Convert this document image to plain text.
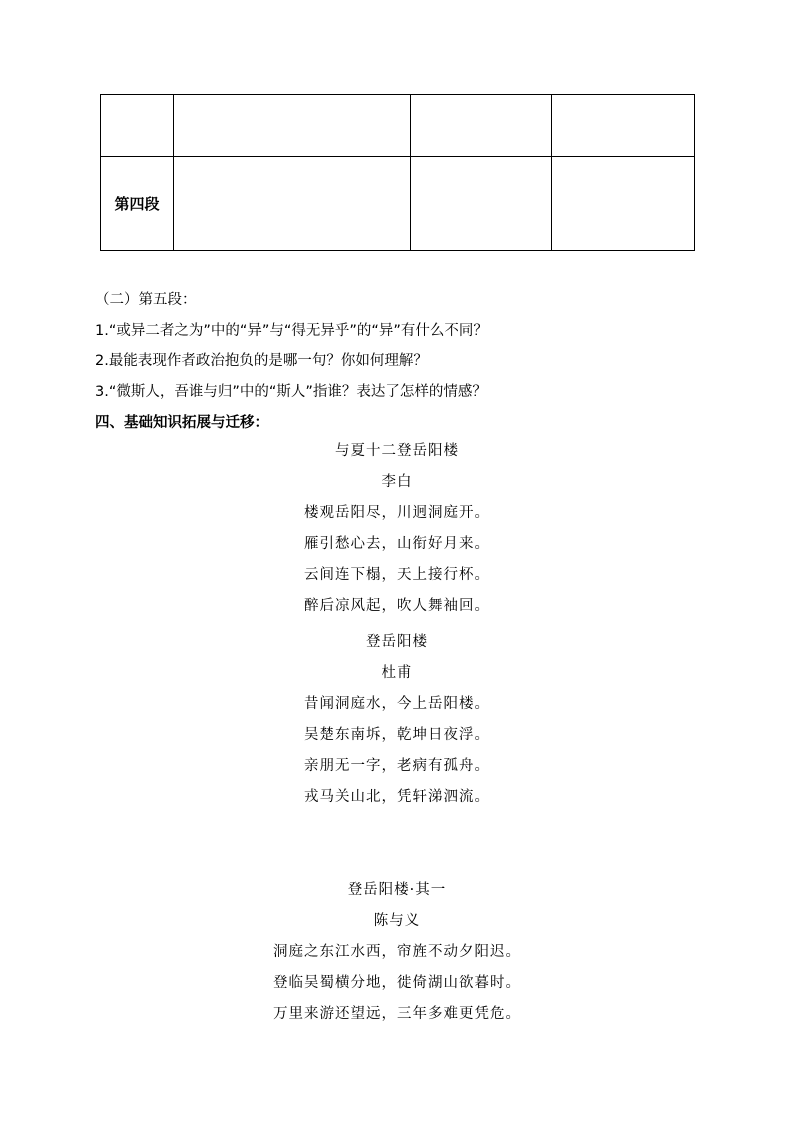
第四段			
（二）第五段：
1.“或异二者之为”中的“异”与“得无异乎”的“异”有什么不同？
2.最能表现作者政治抱负的是哪一句？你如何理解？
3.“微斯人，吾谁与归”中的“斯人”指谁？表达了怎样的情感？
四、基础知识拓展与迁移：
与夏十二登岳阳楼
李白
楼观岳阳尽，川迥洞庭开。
雁引愁心去，山衔好月来。
云间连下榻，天上接行杯。
醉后凉风起，吹人舞袖回。
登岳阳楼
杜甫
昔闻洞庭水，今上岳阳楼。
吴楚东南坼，乾坤日夜浮。
亲朋无一字，老病有孤舟。
戎马关山北，凭轩涕泗流。
登岳阳楼·其一
陈与义
洞庭之东江水西，帘旌不动夕阳迟。
登临吴蜀横分地，徙倚湖山欲暮时。
万里来游还望远，三年多难更凭危。
